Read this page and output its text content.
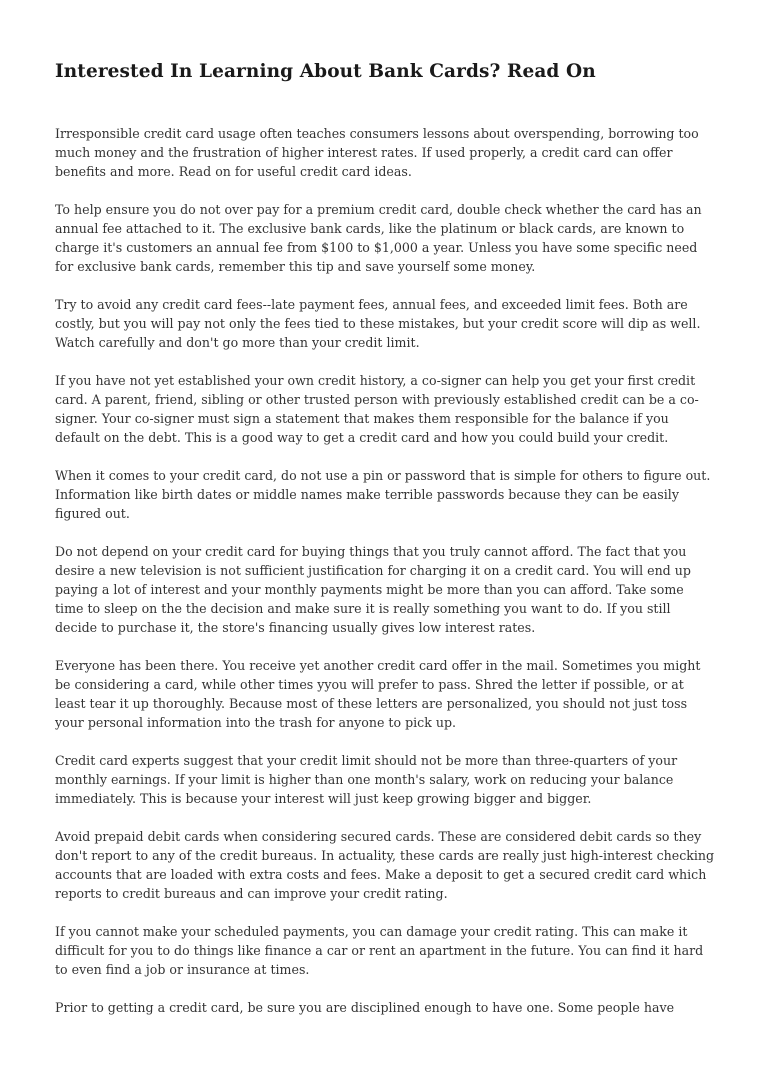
Interested In Learning About Bank Cards? Read On

Irresponsible credit card usage often teaches consumers lessons about overspending, borrowing too much money and the frustration of higher interest rates. If used properly, a credit card can offer benefits and more. Read on for useful credit card ideas.

To help ensure you do not over pay for a premium credit card, double check whether the card has an annual fee attached to it. The exclusive bank cards, like the platinum or black cards, are known to charge it's customers an annual fee from $100 to $1,000 a year. Unless you have some specific need for exclusive bank cards, remember this tip and save yourself some money.

Try to avoid any credit card fees--late payment fees, annual fees, and exceeded limit fees. Both are costly, but you will pay not only the fees tied to these mistakes, but your credit score will dip as well. Watch carefully and don't go more than your credit limit.

If you have not yet established your own credit history, a co-signer can help you get your first credit card. A parent, friend, sibling or other trusted person with previously established credit can be a co-signer. Your co-signer must sign a statement that makes them responsible for the balance if you default on the debt. This is a good way to get a credit card and how you could build your credit.

When it comes to your credit card, do not use a pin or password that is simple for others to figure out. Information like birth dates or middle names make terrible passwords because they can be easily figured out.

Do not depend on your credit card for buying things that you truly cannot afford. The fact that you desire a new television is not sufficient justification for charging it on a credit card. You will end up paying a lot of interest and your monthly payments might be more than you can afford. Take some time to sleep on the the decision and make sure it is really something you want to do. If you still decide to purchase it, the store's financing usually gives low interest rates.

Everyone has been there. You receive yet another credit card offer in the mail. Sometimes you might be considering a card, while other times yyou will prefer to pass. Shred the letter if possible, or at least tear it up thoroughly. Because most of these letters are personalized, you should not just toss your personal information into the trash for anyone to pick up.

Credit card experts suggest that your credit limit should not be more than three-quarters of your monthly earnings. If your limit is higher than one month's salary, work on reducing your balance immediately. This is because your interest will just keep growing bigger and bigger.

Avoid prepaid debit cards when considering secured cards. These are considered debit cards so they don't report to any of the credit bureaus. In actuality, these cards are really just high-interest checking accounts that are loaded with extra costs and fees. Make a deposit to get a secured credit card which reports to credit bureaus and can improve your credit rating.

If you cannot make your scheduled payments, you can damage your credit rating. This can make it difficult for you to do things like finance a car or rent an apartment in the future. You can find it hard to even find a job or insurance at times.

Prior to getting a credit card, be sure you are disciplined enough to have one. Some people have
